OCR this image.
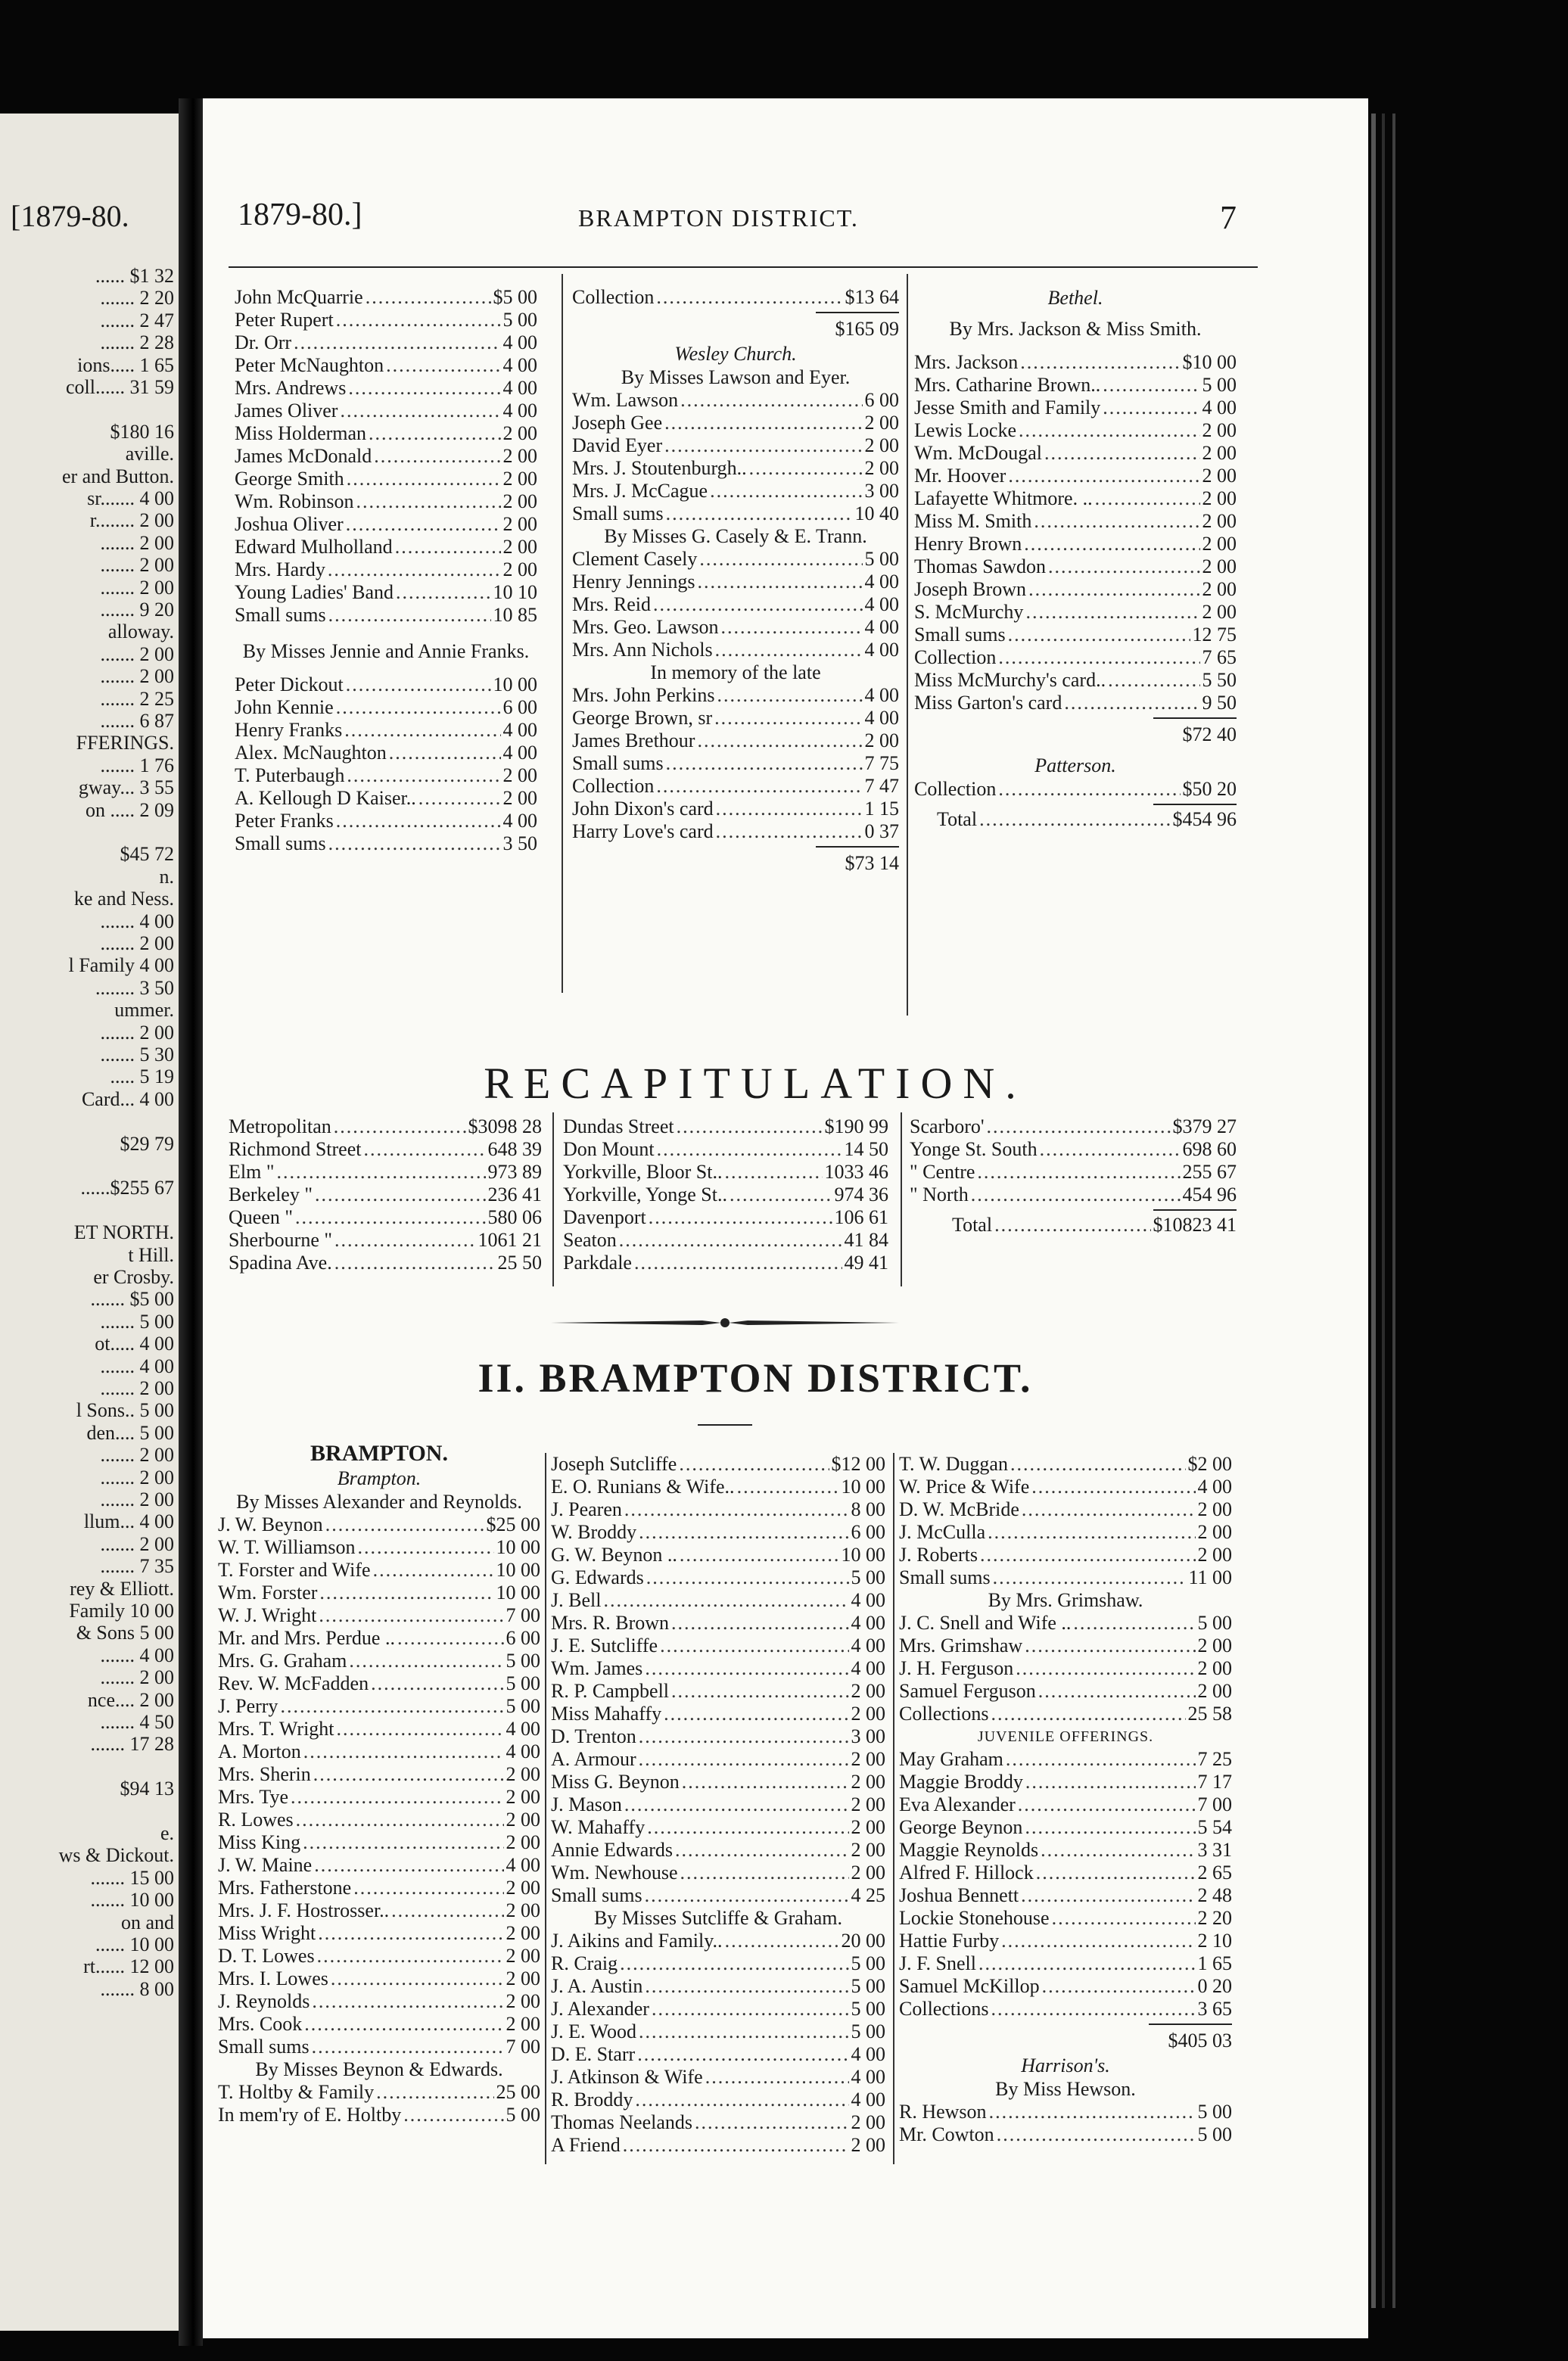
[1879-80.
...... $1 32
....... 2 20
....... 2 47
....... 2 28
ions..... 1 65
coll...... 31 59
$180 16
aville.
er and Button.
sr....... 4 00
r........ 2 00
....... 2 00
....... 2 00
....... 2 00
....... 9 20
alloway.
....... 2 00
....... 2 00
....... 2 25
....... 6 87
FFERINGS.
....... 1 76
gway... 3 55
on ..... 2 09
$45 72
n.
ke and Ness.
....... 4 00
....... 2 00
l Family 4 00
........ 3 50
ummer.
....... 2 00
....... 5 30
..... 5 19
Card... 4 00
$29 79
......$255 67
ET NORTH.
t Hill.
er Crosby.
....... $5 00
....... 5 00
ot..... 4 00
....... 4 00
....... 2 00
l Sons.. 5 00
den.... 5 00
....... 2 00
....... 2 00
....... 2 00
llum... 4 00
....... 2 00
....... 7 35
rey & Elliott.
Family 10 00
& Sons 5 00
....... 4 00
....... 2 00
nce.... 2 00
....... 4 50
....... 17 28
$94 13
e.
ws & Dickout.
....... 15 00
....... 10 00
on and
...... 10 00
rt...... 12 00
....... 8 00
1879-80.]	BRAMPTON DISTRICT.	7
John McQuarrie .....	$5 00
Peter Rupert .....	5 00
Dr. Orr .....	4 00
Peter McNaughton .....	4 00
Mrs. Andrews .....	4 00
James Oliver .....	4 00
Miss Holderman .....	2 00
James McDonald .....	2 00
George Smith .....	2 00
Wm. Robinson .....	2 00
Joshua Oliver .....	2 00
Edward Mulholland .....	2 00
Mrs. Hardy .....	2 00
Young Ladies' Band .....	10 10
Small sums .....	10 85
By Misses Jennie and Annie Franks.
Peter Dickout .....	10 00
John Kennie .....	6 00
Henry Franks .....	4 00
Alex. McNaughton .....	4 00
T. Puterbaugh .....	2 00
A. Kellough D Kaiser.. .....	2 00
Peter Franks .....	4 00
Small sums .....	3 50
Collection .....	$13 64
$165 09
Wesley Church.
By Misses Lawson and Eyer.
Wm. Lawson .....	6 00
Joseph Gee .....	2 00
David Eyer .....	2 00
Mrs. J. Stoutenburgh.. .....	2 00
Mrs. J. McCague .....	3 00
Small sums .....	10 40
By Misses G. Casely & E. Trann.
Clement Casely .....	5 00
Henry Jennings .....	4 00
Mrs. Reid .....	4 00
Mrs. Geo. Lawson .....	4 00
Mrs. Ann Nichols .....	4 00
In memory of the late
Mrs. John Perkins .....	4 00
George Brown, sr .....	4 00
James Brethour .....	2 00
Small sums .....	7 75
Collection .....	7 47
John Dixon's card .....	1 15
Harry Love's card .....	0 37
$73 14
Bethel.
By Mrs. Jackson & Miss Smith.
Mrs. Jackson .....	$10 00
Mrs. Catharine Brown.. .....	5 00
Jesse Smith and Family .....	4 00
Lewis Locke .....	2 00
Wm. McDougal .....	2 00
Mr. Hoover .....	2 00
Lafayette Whitmore. .. .....	2 00
Miss M. Smith .....	2 00
Henry Brown .....	2 00
Thomas Sawdon .....	2 00
Joseph Brown .....	2 00
S. McMurchy .....	2 00
Small sums .....	12 75
Collection .....	7 65
Miss McMurchy's card.. .....	5 50
Miss Garton's card .....	9 50
$72 40
Patterson.
Collection .....	$50 20
Total .....	$454 96
RECAPITULATION.
Metropolitan .....	$3098 28
Richmond Street .....	648 39
Elm " .....	973 89
Berkeley " .....	236 41
Queen " .....	580 06
Sherbourne " .....	1061 21
Spadina Ave. .....	25 50
Dundas Street .....	$190 99
Don Mount .....	14 50
Yorkville, Bloor St.. .....	1033 46
Yorkville, Yonge St.. .....	974 36
Davenport .....	106 61
Seaton .....	41 84
Parkdale .....	49 41
Scarboro' .....	$379 27
Yonge St. South .....	698 60
" Centre .....	255 67
" North .....	454 96
Total .....	$10823 41
II. BRAMPTON DISTRICT.
BRAMPTON.
Brampton.
By Misses Alexander and Reynolds.
J. W. Beynon .....	$25 00
W. T. Williamson .....	10 00
T. Forster and Wife .....	10 00
Wm. Forster .....	10 00
W. J. Wright .....	7 00
Mr. and Mrs. Perdue .. .....	6 00
Mrs. G. Graham .....	5 00
Rev. W. McFadden .....	5 00
J. Perry .....	5 00
Mrs. T. Wright .....	4 00
A. Morton .....	4 00
Mrs. Sherin .....	2 00
Mrs. Tye .....	2 00
R. Lowes .....	2 00
Miss King .....	2 00
J. W. Maine .....	4 00
Mrs. Fatherstone .....	2 00
Mrs. J. F. Hostrosser.. .....	2 00
Miss Wright .....	2 00
D. T. Lowes .....	2 00
Mrs. I. Lowes .....	2 00
J. Reynolds .....	2 00
Mrs. Cook .....	2 00
Small sums .....	7 00
By Misses Beynon & Edwards.
T. Holtby & Family .....	25 00
In mem'ry of E. Holtby .....	5 00
Joseph Sutcliffe .....	$12 00
E. O. Runians & Wife.. .....	10 00
J. Pearen .....	8 00
W. Broddy .....	6 00
G. W. Beynon .. .....	10 00
G. Edwards .....	5 00
J. Bell .....	4 00
Mrs. R. Brown .....	4 00
J. E. Sutcliffe .....	4 00
Wm. James .....	4 00
R. P. Campbell .....	2 00
Miss Mahaffy .....	2 00
D. Trenton .....	3 00
A. Armour .....	2 00
Miss G. Beynon .....	2 00
J. Mason .....	2 00
W. Mahaffy .....	2 00
Annie Edwards .....	2 00
Wm. Newhouse .....	2 00
Small sums .....	4 25
By Misses Sutcliffe & Graham.
J. Aikins and Family.. .....	20 00
R. Craig .....	5 00
J. A. Austin .....	5 00
J. Alexander .....	5 00
J. E. Wood .....	5 00
D. E. Starr .....	4 00
J. Atkinson & Wife .....	4 00
R. Broddy .....	4 00
Thomas Neelands .....	2 00
A Friend .....	2 00
T. W. Duggan .....	$2 00
W. Price & Wife .....	4 00
D. W. McBride .....	2 00
J. McCulla .....	2 00
J. Roberts .....	2 00
Small sums .....	11 00
By Mrs. Grimshaw.
J. C. Snell and Wife .. .....	5 00
Mrs. Grimshaw .....	2 00
J. H. Ferguson .....	2 00
Samuel Ferguson .....	2 00
Collections .....	25 58
JUVENILE OFFERINGS.
May Graham .....	7 25
Maggie Broddy .....	7 17
Eva Alexander .....	7 00
George Beynon .....	5 54
Maggie Reynolds .....	3 31
Alfred F. Hillock .....	2 65
Joshua Bennett .....	2 48
Lockie Stonehouse .....	2 20
Hattie Furby .....	2 10
J. F. Snell .....	1 65
Samuel McKillop .....	0 20
Collections .....	3 65
$405 03
Harrison's.
By Miss Hewson.
R. Hewson .....	5 00
Mr. Cowton .....	5 00
